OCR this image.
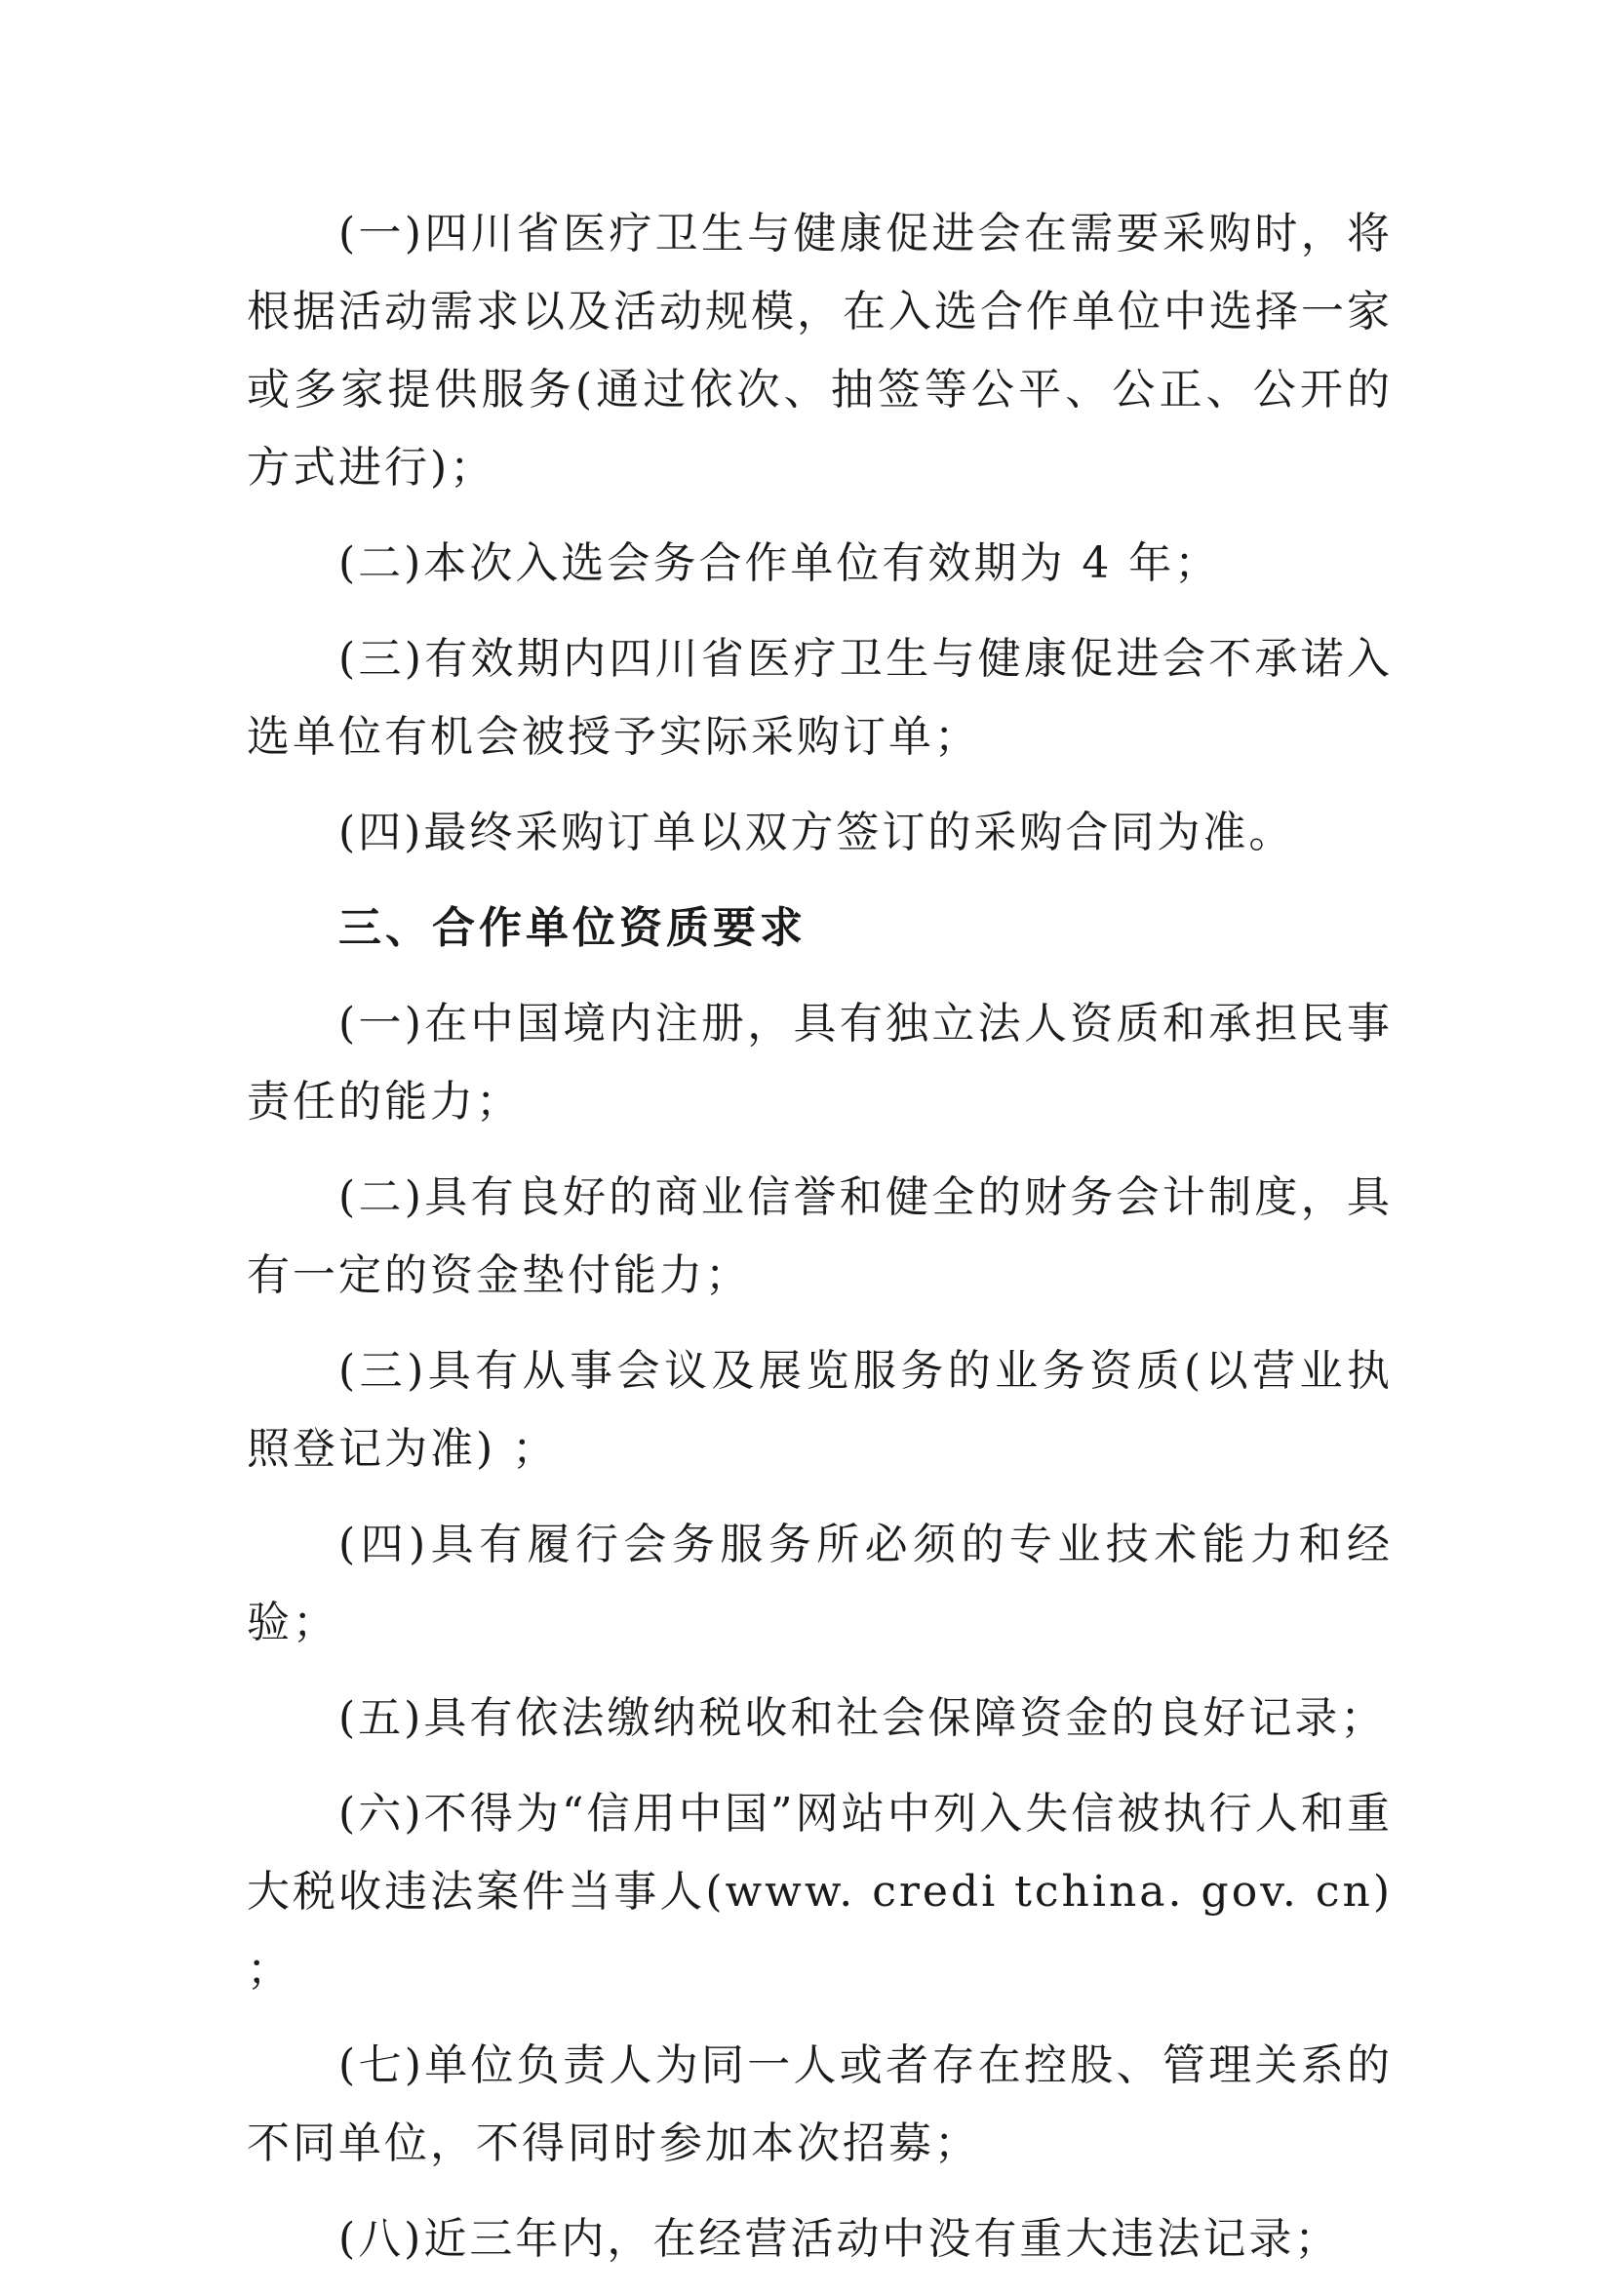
(一)四川省医疗卫生与健康促进会在需要采购时，将根据活动需求以及活动规模，在入选合作单位中选择一家或多家提供服务(通过依次、抽签等公平、公正、公开的方式进行)；

(二)本次入选会务合作单位有效期为 4 年；

(三)有效期内四川省医疗卫生与健康促进会不承诺入选单位有机会被授予实际采购订单；

(四)最终采购订单以双方签订的采购合同为准。

三、合作单位资质要求

(一)在中国境内注册，具有独立法人资质和承担民事责任的能力；

(二)具有良好的商业信誉和健全的财务会计制度，具有一定的资金垫付能力；

(三)具有从事会议及展览服务的业务资质(以营业执照登记为准) ；

(四)具有履行会务服务所必须的专业技术能力和经验；

(五)具有依法缴纳税收和社会保障资金的良好记录；

(六)不得为“信用中国”网站中列入失信被执行人和重大税收违法案件当事人(www. credi tchina. gov. cn) ；

(七)单位负责人为同一人或者存在控股、管理关系的不同单位，不得同时参加本次招募；

(八)近三年内，在经营活动中没有重大违法记录；
